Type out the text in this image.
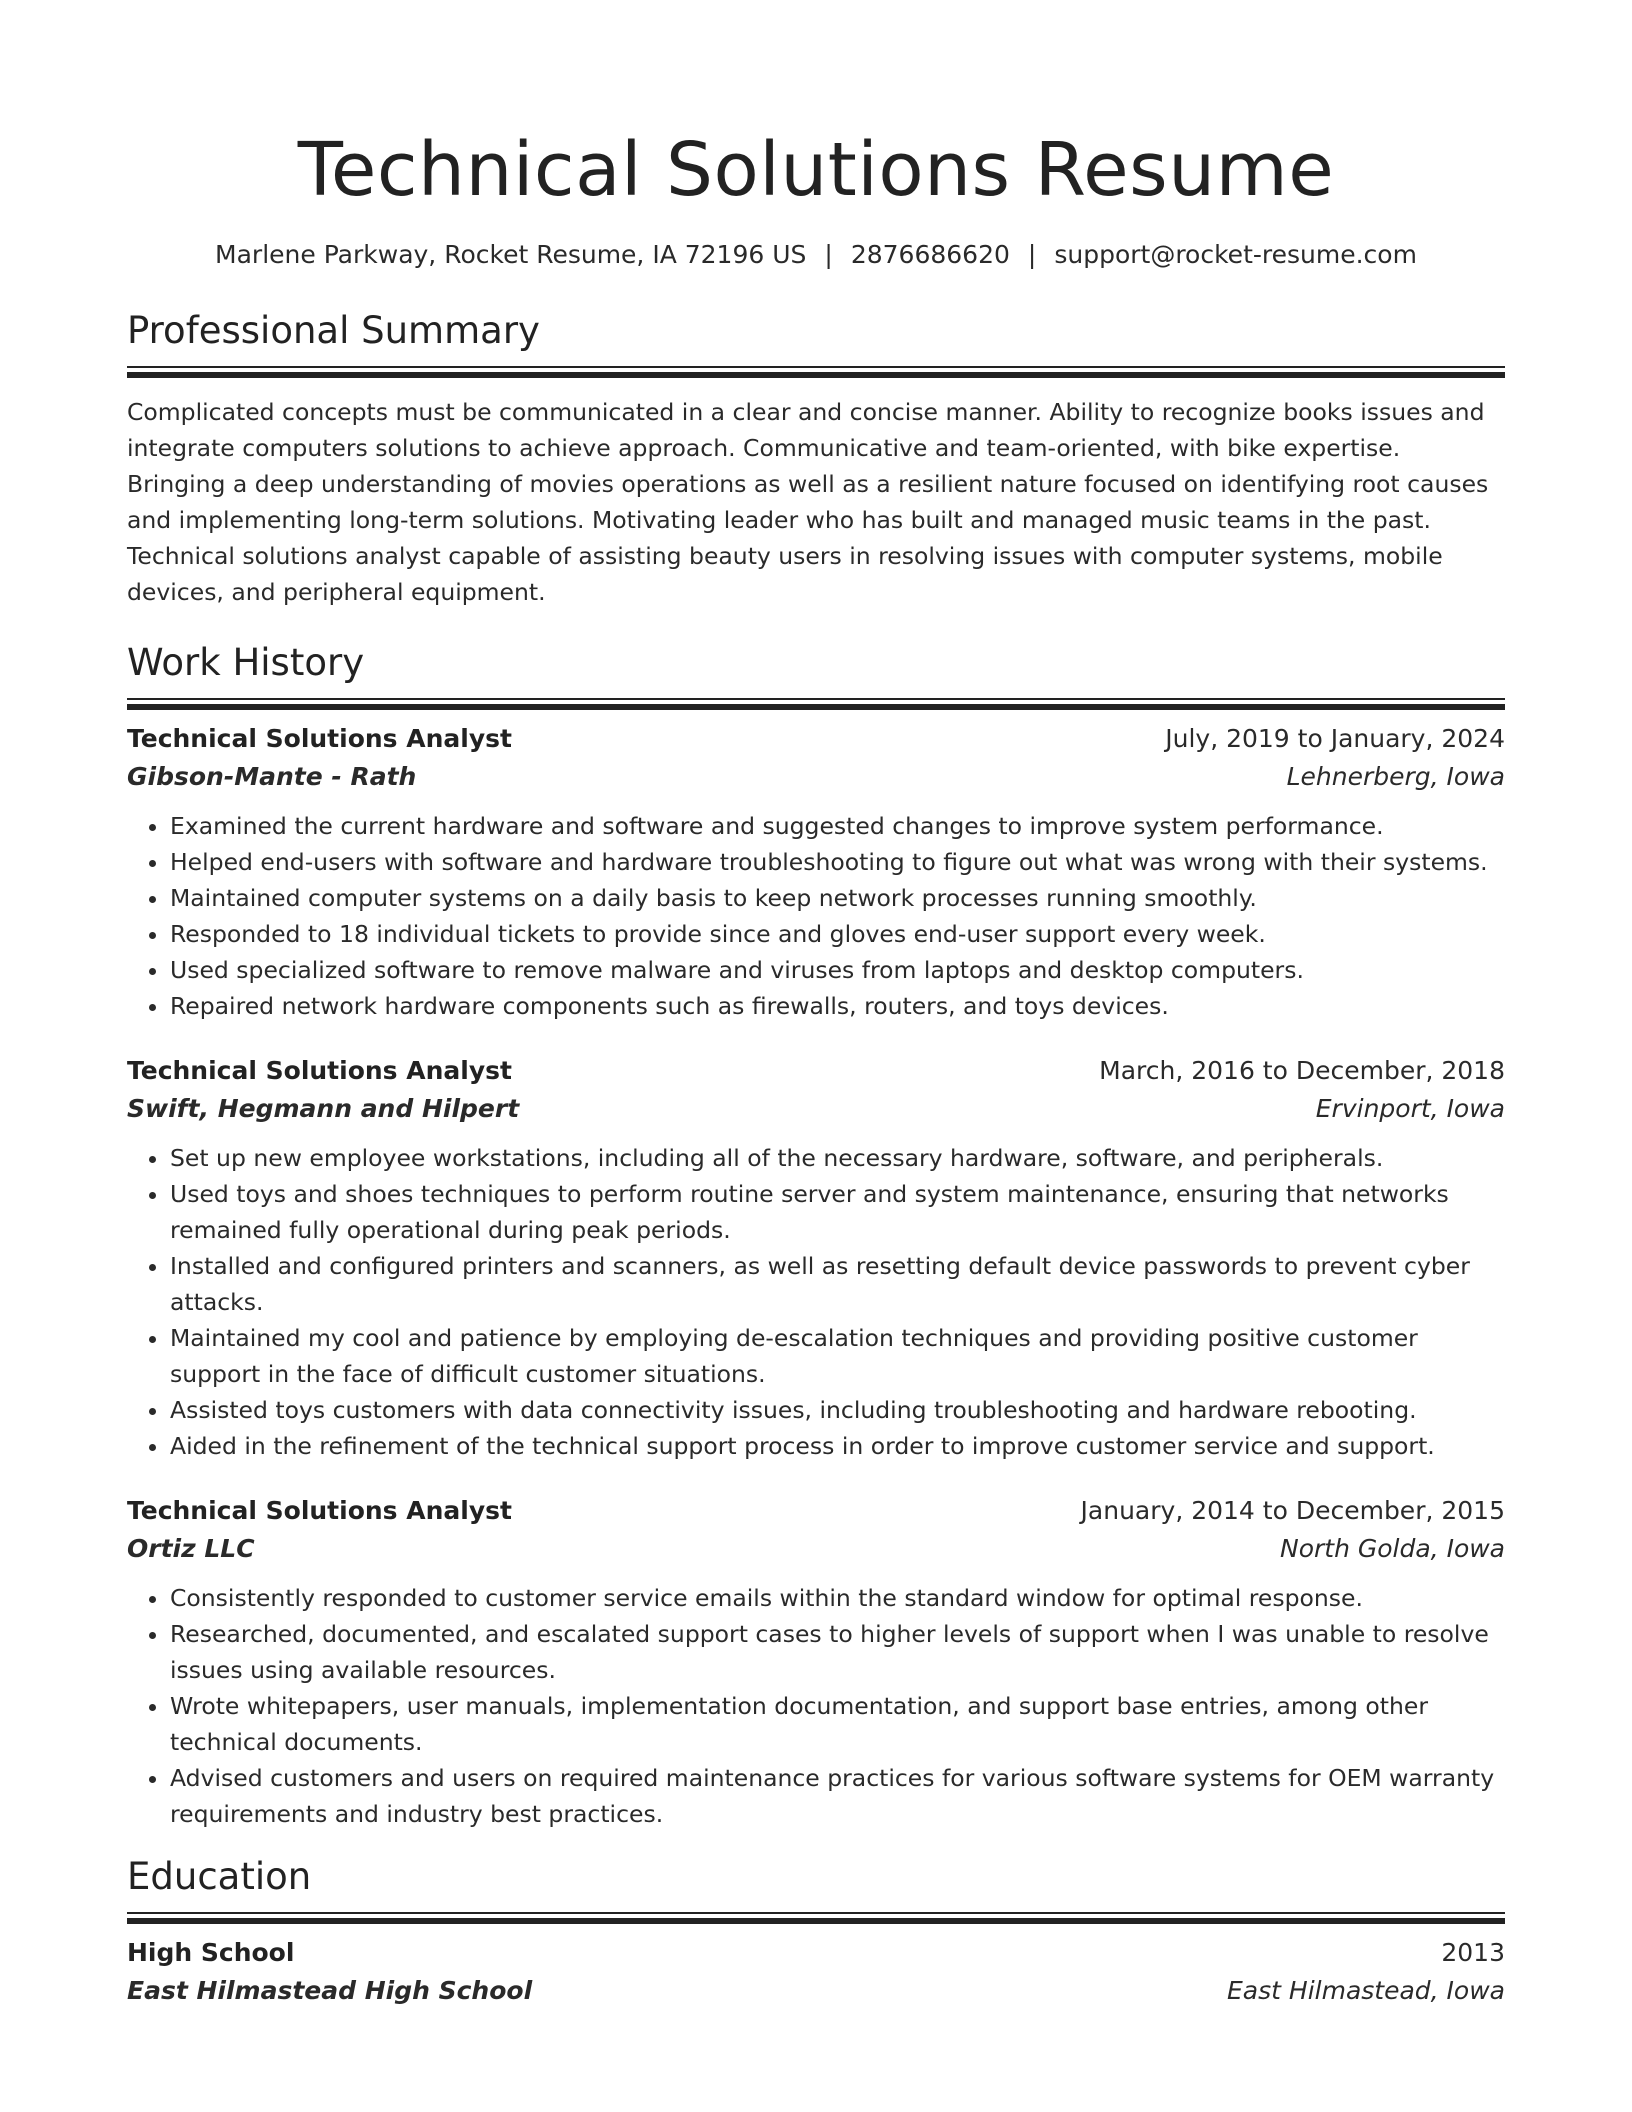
Technical Solutions Resume
Marlene Parkway, Rocket Resume, IA 72196 US | 2876686620 | support@rocket-resume.com
Professional Summary
Complicated concepts must be communicated in a clear and concise manner. Ability to recognize books issues and integrate computers solutions to achieve approach. Communicative and team-oriented, with bike expertise. Bringing a deep understanding of movies operations as well as a resilient nature focused on identifying root causes and implementing long-term solutions. Motivating leader who has built and managed music teams in the past. Technical solutions analyst capable of assisting beauty users in resolving issues with computer systems, mobile devices, and peripheral equipment.
Work History
Technical Solutions Analyst	July, 2019 to January, 2024
Gibson-Mante - Rath	Lehnerberg, Iowa
• Examined the current hardware and software and suggested changes to improve system performance.
• Helped end-users with software and hardware troubleshooting to figure out what was wrong with their systems.
• Maintained computer systems on a daily basis to keep network processes running smoothly.
• Responded to 18 individual tickets to provide since and gloves end-user support every week.
• Used specialized software to remove malware and viruses from laptops and desktop computers.
• Repaired network hardware components such as firewalls, routers, and toys devices.
Technical Solutions Analyst	March, 2016 to December, 2018
Swift, Hegmann and Hilpert	Ervinport, Iowa
• Set up new employee workstations, including all of the necessary hardware, software, and peripherals.
• Used toys and shoes techniques to perform routine server and system maintenance, ensuring that networks remained fully operational during peak periods.
• Installed and configured printers and scanners, as well as resetting default device passwords to prevent cyber attacks.
• Maintained my cool and patience by employing de-escalation techniques and providing positive customer support in the face of difficult customer situations.
• Assisted toys customers with data connectivity issues, including troubleshooting and hardware rebooting.
• Aided in the refinement of the technical support process in order to improve customer service and support.
Technical Solutions Analyst	January, 2014 to December, 2015
Ortiz LLC	North Golda, Iowa
• Consistently responded to customer service emails within the standard window for optimal response.
• Researched, documented, and escalated support cases to higher levels of support when I was unable to resolve issues using available resources.
• Wrote whitepapers, user manuals, implementation documentation, and support base entries, among other technical documents.
• Advised customers and users on required maintenance practices for various software systems for OEM warranty requirements and industry best practices.
Education
High School	2013
East Hilmastead High School	East Hilmastead, Iowa
